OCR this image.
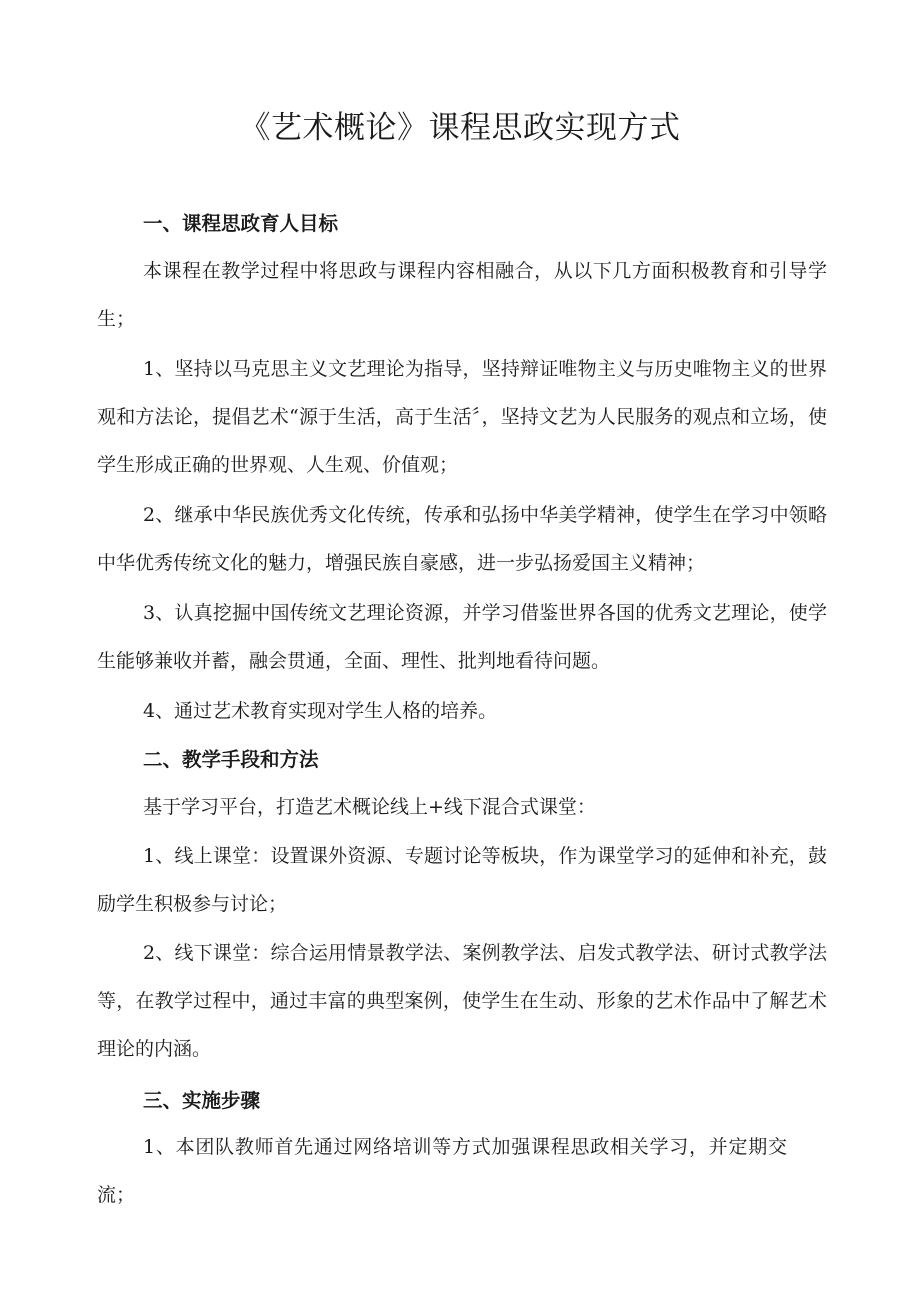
《艺术概论》课程思政实现方式
一、课程思政育人目标

本课程在教学过程中将思政与课程内容相融合，从以下几方面积极教育和引导学生；

1、坚持以马克思主义文艺理论为指导，坚持辩证唯物主义与历史唯物主义的世界观和方法论，提倡艺术“源于生活，高于生活〞，坚持文艺为人民服务的观点和立场，使学生形成正确的世界观、人生观、价值观；

2、继承中华民族优秀文化传统，传承和弘扬中华美学精神，使学生在学习中领略中华优秀传统文化的魅力，增强民族自豪感，进一步弘扬爱国主义精神；

3、认真挖掘中国传统文艺理论资源，并学习借鉴世界各国的优秀文艺理论，使学生能够兼收并蓄，融会贯通，全面、理性、批判地看待问题。

4、通过艺术教育实现对学生人格的培养。

二、教学手段和方法

基于学习平台，打造艺术概论线上+线下混合式课堂：

1、线上课堂：设置课外资源、专题讨论等板块，作为课堂学习的延伸和补充，鼓励学生积极参与讨论；

2、线下课堂：综合运用情景教学法、案例教学法、启发式教学法、研讨式教学法等，在教学过程中，通过丰富的典型案例，使学生在生动、形象的艺术作品中了解艺术理论的内涵。

三、实施步骤

1、本团队教师首先通过网络培训等方式加强课程思政相关学习，并定期交流；
